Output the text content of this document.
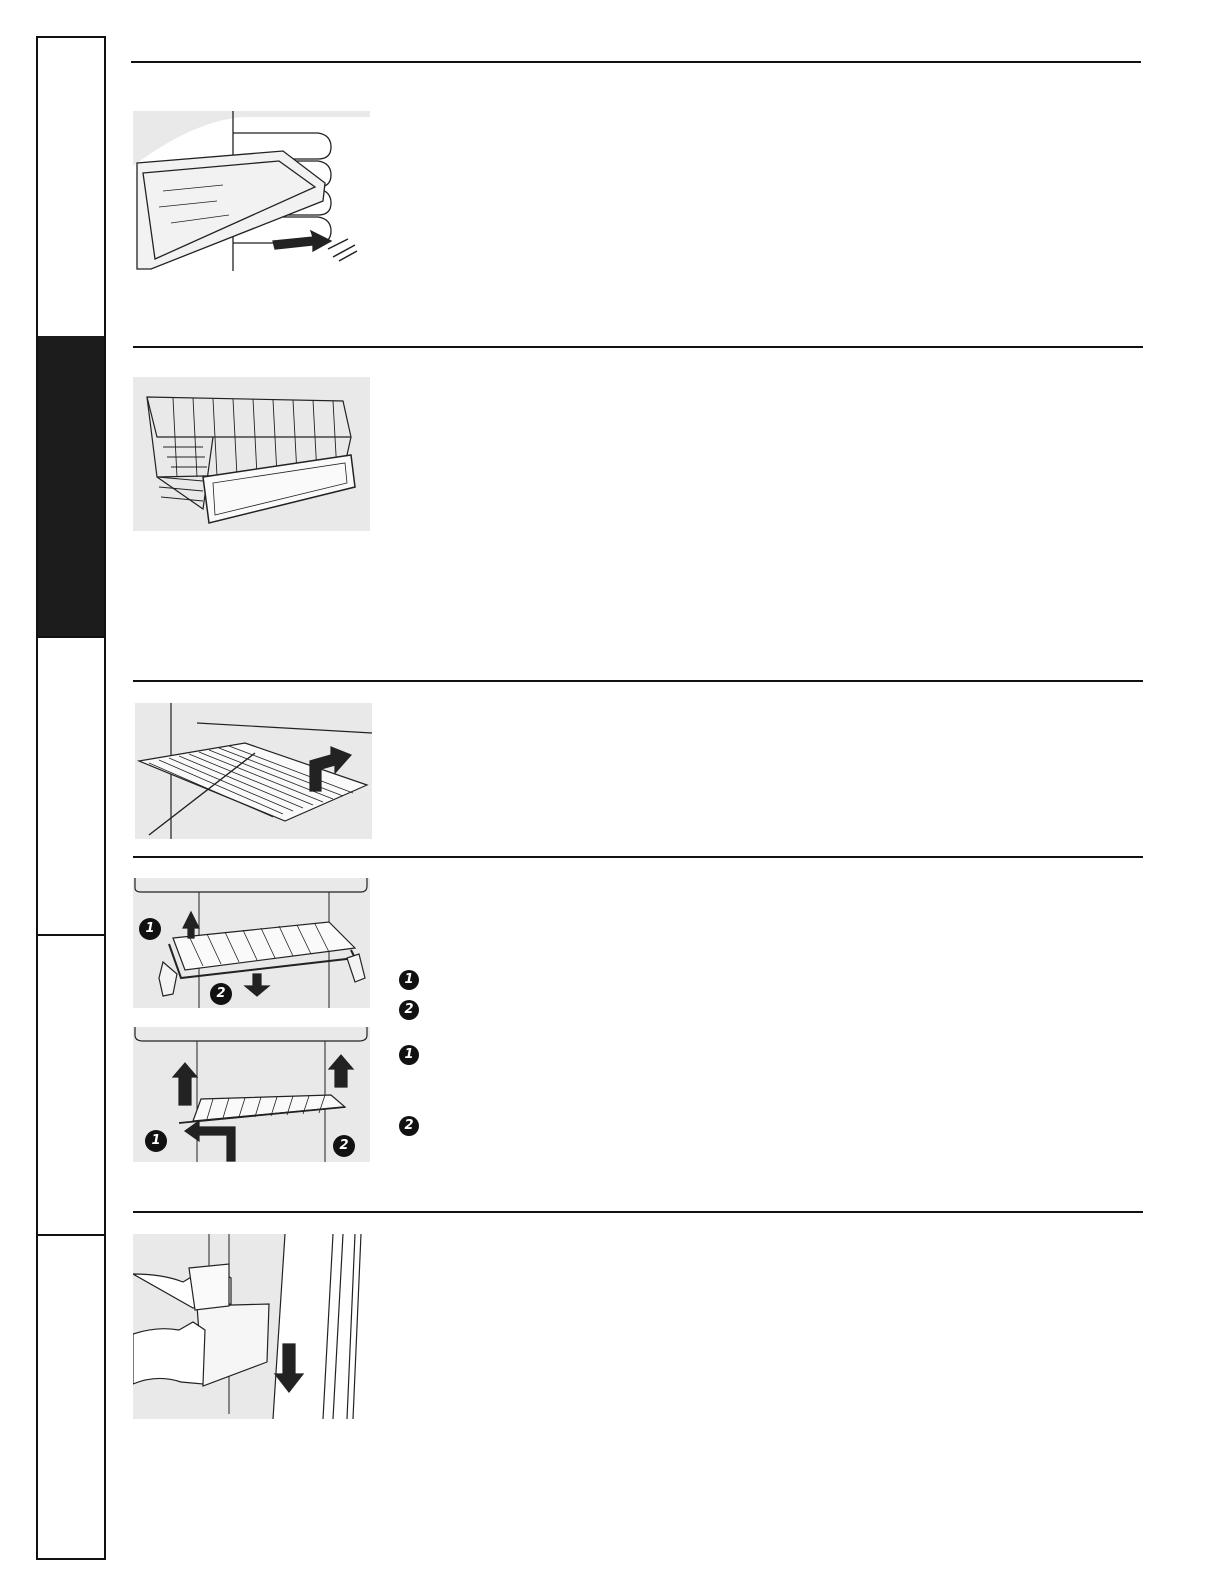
1
2
1	2
1
2
1
2
